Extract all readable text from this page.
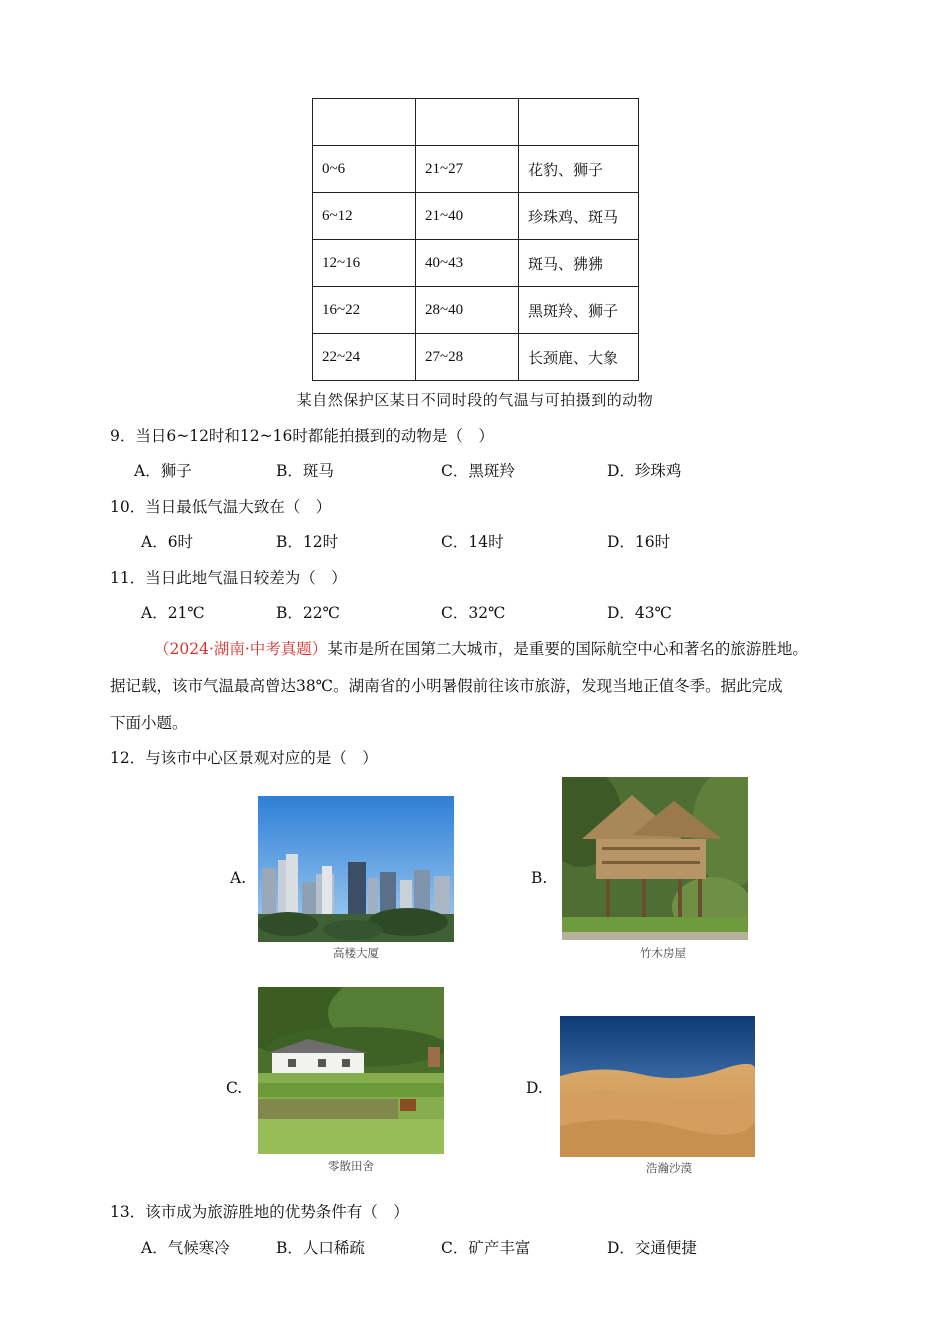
0~6	21~27	花豹、狮子
6~12	21~40	珍珠鸡、斑马
12~16	40~43	斑马、狒狒
16~22	28~40	黑斑羚、狮子
22~24	27~28	长颈鹿、大象
某自然保护区某日不同时段的气温与可拍摄到的动物
9．当日6~12时和12~16时都能拍摄到的动物是（　）
A．狮子	B．斑马	C．黑斑羚	D．珍珠鸡
10．当日最低气温大致在（　）
A．6时	B．12时	C．14时	D．16时
11．当日此地气温日较差为（　）
A．21℃	B．22℃	C．32℃	D．43℃
（2024·湖南·中考真题）某市是所在国第二大城市，是重要的国际航空中心和著名的旅游胜地。
据记载，该市气温最高曾达38℃。湖南省的小明暑假前往该市旅游，发现当地正值冬季。据此完成
下面小题。
12．与该市中心区景观对应的是（　）
A.
高楼大厦
B.
竹木房屋
C.
零散田舍
D.
浩瀚沙漠
13．该市成为旅游胜地的优势条件有（　）
A．气候寒冷	B．人口稀疏	C．矿产丰富	D．交通便捷
